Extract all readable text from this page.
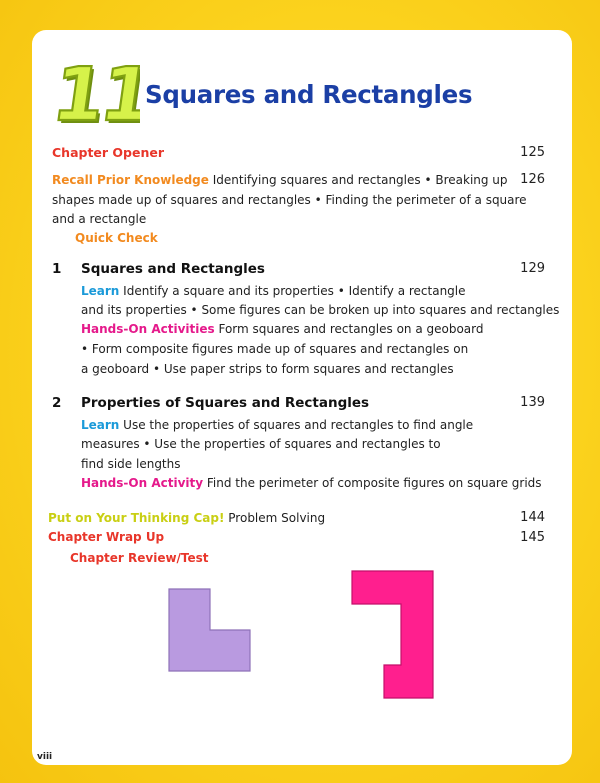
11
11
Squares and Rectangles
Chapter Opener	125
Recall Prior Knowledge Identifying squares and rectangles • Breaking up 126
shapes made up of squares and rectangles • Finding the perimeter of a square
and a rectangle
Quick Check
1 Squares and Rectangles	129
Learn Identify a square and its properties • Identify a rectangle
and its properties • Some figures can be broken up into squares and rectangles
Hands-On Activities Form squares and rectangles on a geoboard
• Form composite figures made up of squares and rectangles on
a geoboard • Use paper strips to form squares and rectangles
2 Properties of Squares and Rectangles	139
Learn Use the properties of squares and rectangles to find angle
measures • Use the properties of squares and rectangles to
find side lengths
Hands-On Activity Find the perimeter of composite figures on square grids
Put on Your Thinking Cap! Problem Solving	144
Chapter Wrap Up	145
Chapter Review/Test
viii
